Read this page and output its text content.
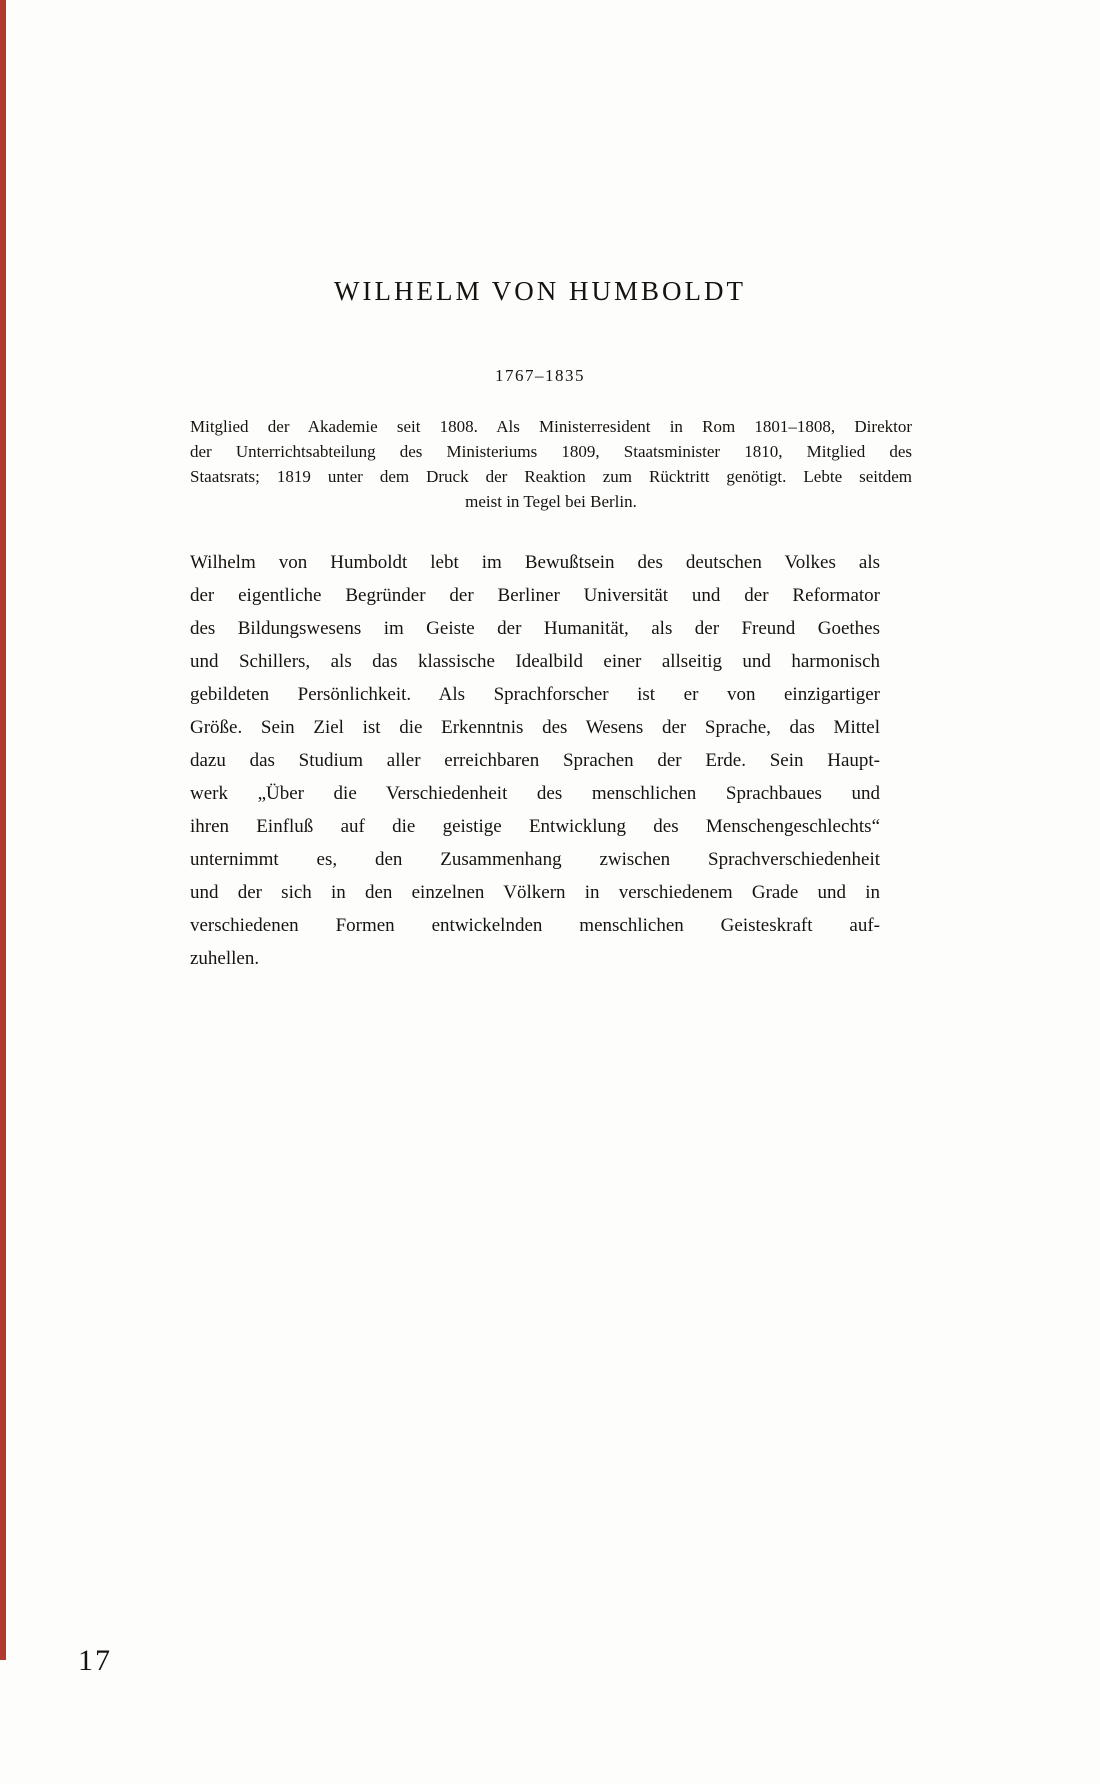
WILHELM VON HUMBOLDT
1767–1835
Mitglied der Akademie seit 1808. Als Ministerresident in Rom 1801–1808, Direktor
der Unterrichtsabteilung des Ministeriums 1809, Staatsminister 1810, Mitglied des
Staatsrats; 1819 unter dem Druck der Reaktion zum Rücktritt genötigt. Lebte seitdem
meist in Tegel bei Berlin.
Wilhelm von Humboldt lebt im Bewußtsein des deutschen Volkes als
der eigentliche Begründer der Berliner Universität und der Reformator
des Bildungswesens im Geiste der Humanität, als der Freund Goethes
und Schillers, als das klassische Idealbild einer allseitig und harmonisch
gebildeten Persönlichkeit. Als Sprachforscher ist er von einzigartiger
Größe. Sein Ziel ist die Erkenntnis des Wesens der Sprache, das Mittel
dazu das Studium aller erreichbaren Sprachen der Erde. Sein Haupt-
werk „Über die Verschiedenheit des menschlichen Sprachbaues und
ihren Einfluß auf die geistige Entwicklung des Menschengeschlechts“
unternimmt es, den Zusammenhang zwischen Sprachverschiedenheit
und der sich in den einzelnen Völkern in verschiedenem Grade und in
verschiedenen Formen entwickelnden menschlichen Geisteskraft auf-
zuhellen.
17
